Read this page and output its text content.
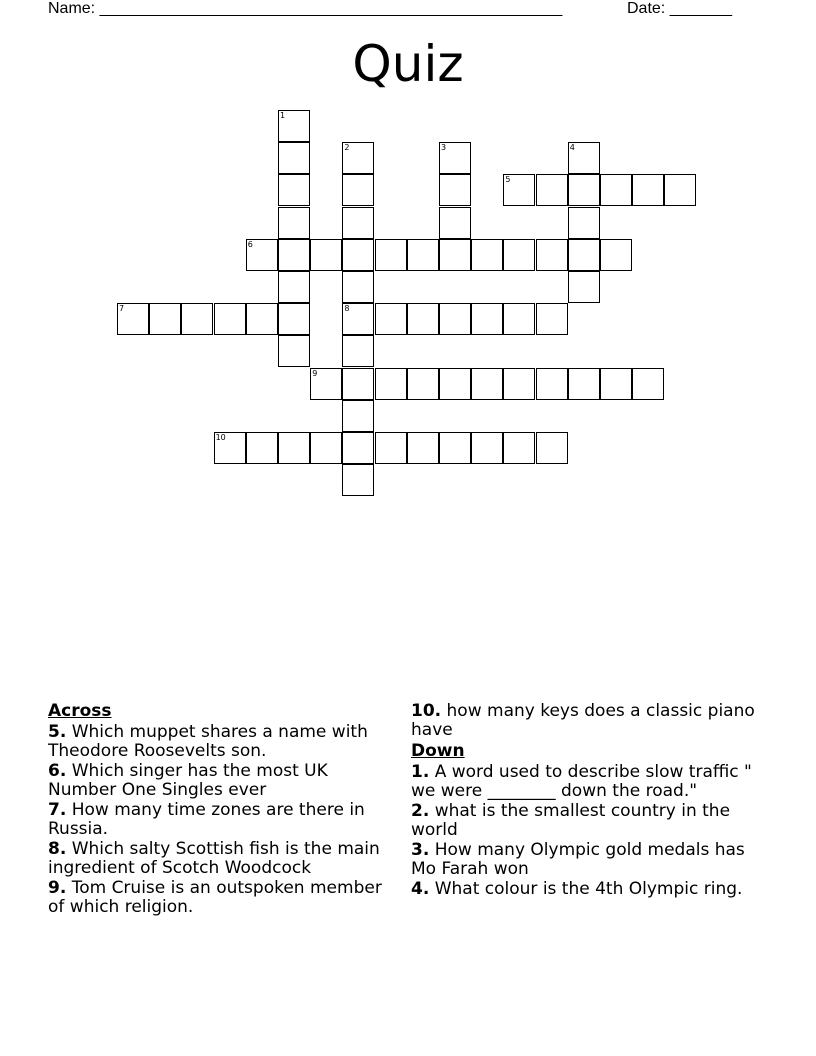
Name: ____________________________________________________	Date: _______
Quiz
1
2
8
3	4
5
6
7
9
10
Across
5. Which muppet shares a name with Theodore Roosevelts son.
6. Which singer has the most UK Number One Singles ever
7. How many time zones are there in Russia.
8. Which salty Scottish fish is the main ingredient of Scotch Woodcock
9. Tom Cruise is an outspoken member of which religion.
10. how many keys does a classic piano have
Down
1. A word used to describe slow traffic " we were ________ down the road."
2. what is the smallest country in the world
3. How many Olympic gold medals has Mo Farah won
4. What colour is the 4th Olympic ring.
